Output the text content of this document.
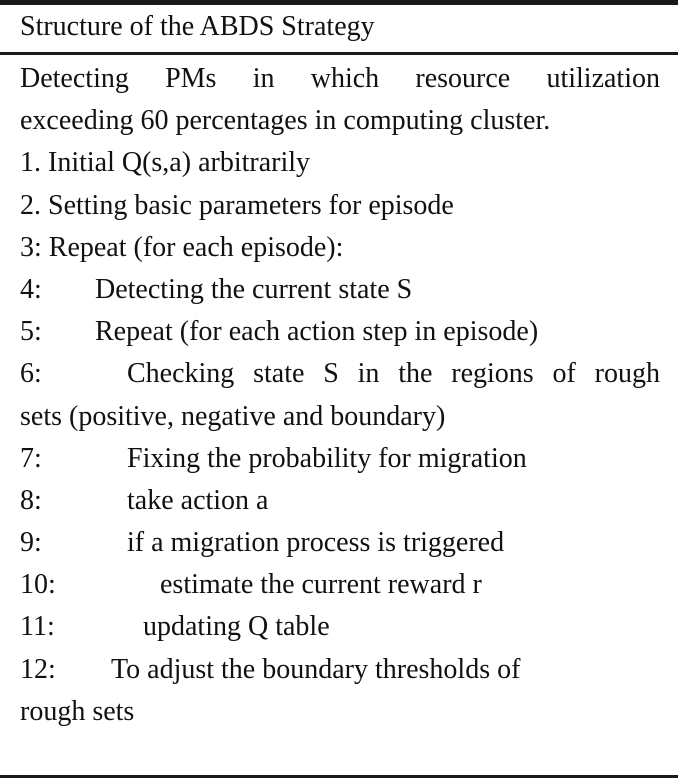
Structure of the ABDS Strategy
Detecting PMs in which resource utilization
exceeding 60 percentages in computing cluster.
1. Initial Q(s,a) arbitrarily
2. Setting basic parameters for episode
3: Repeat (for each episode):
4: Detecting the current state S
5: Repeat (for each action step in episode)
6:	Checking state S in the regions of rough
sets (positive, negative and boundary)
7:	Fixing the probability for migration
8:	take action a
9:	if a migration process is triggered
10:	estimate the current reward r
11:	updating Q table
12: To adjust the boundary thresholds of
rough sets
